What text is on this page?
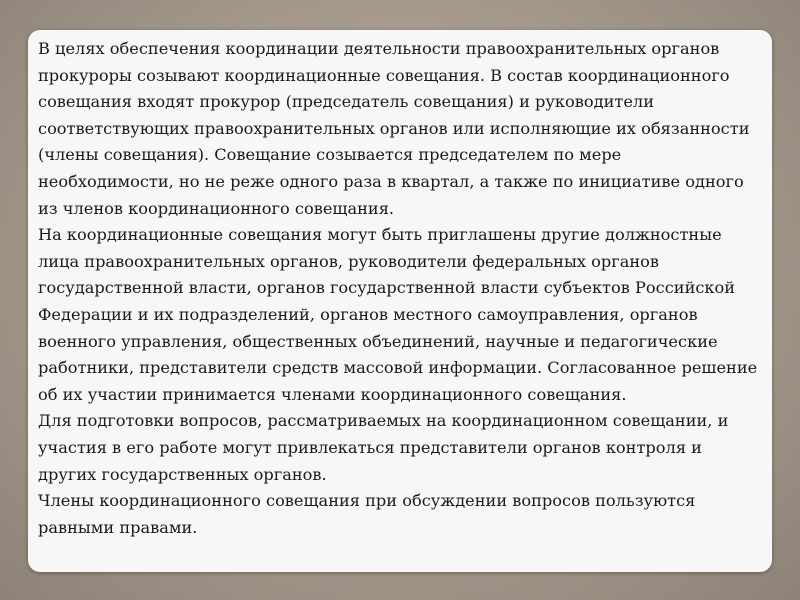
В целях обеспечения координации деятельности правоохранительных органов прокуроры созывают координационные совещания. В состав координационного совещания входят прокурор (председатель совещания) и руководители соответствующих правоохранительных органов или исполняющие их обязанности (члены совещания). Совещание созывается председателем по мере необходимости, но не реже одного раза в квартал, а также по инициативе одного из членов координационного совещания.

На координационные совещания могут быть приглашены другие должностные лица правоохранительных органов, руководители федеральных органов государственной власти, органов государственной власти субъектов Российской Федерации и их подразделений, органов местного самоуправления, органов военного управления, общественных объединений, научные и педагогические работники, представители средств массовой информации. Согласованное решение об их участии принимается членами координационного совещания.

Для подготовки вопросов, рассматриваемых на координационном совещании, и участия в его работе могут привлекаться представители органов контроля и других государственных органов.

Члены координационного совещания при обсуждении вопросов пользуются равными правами.
